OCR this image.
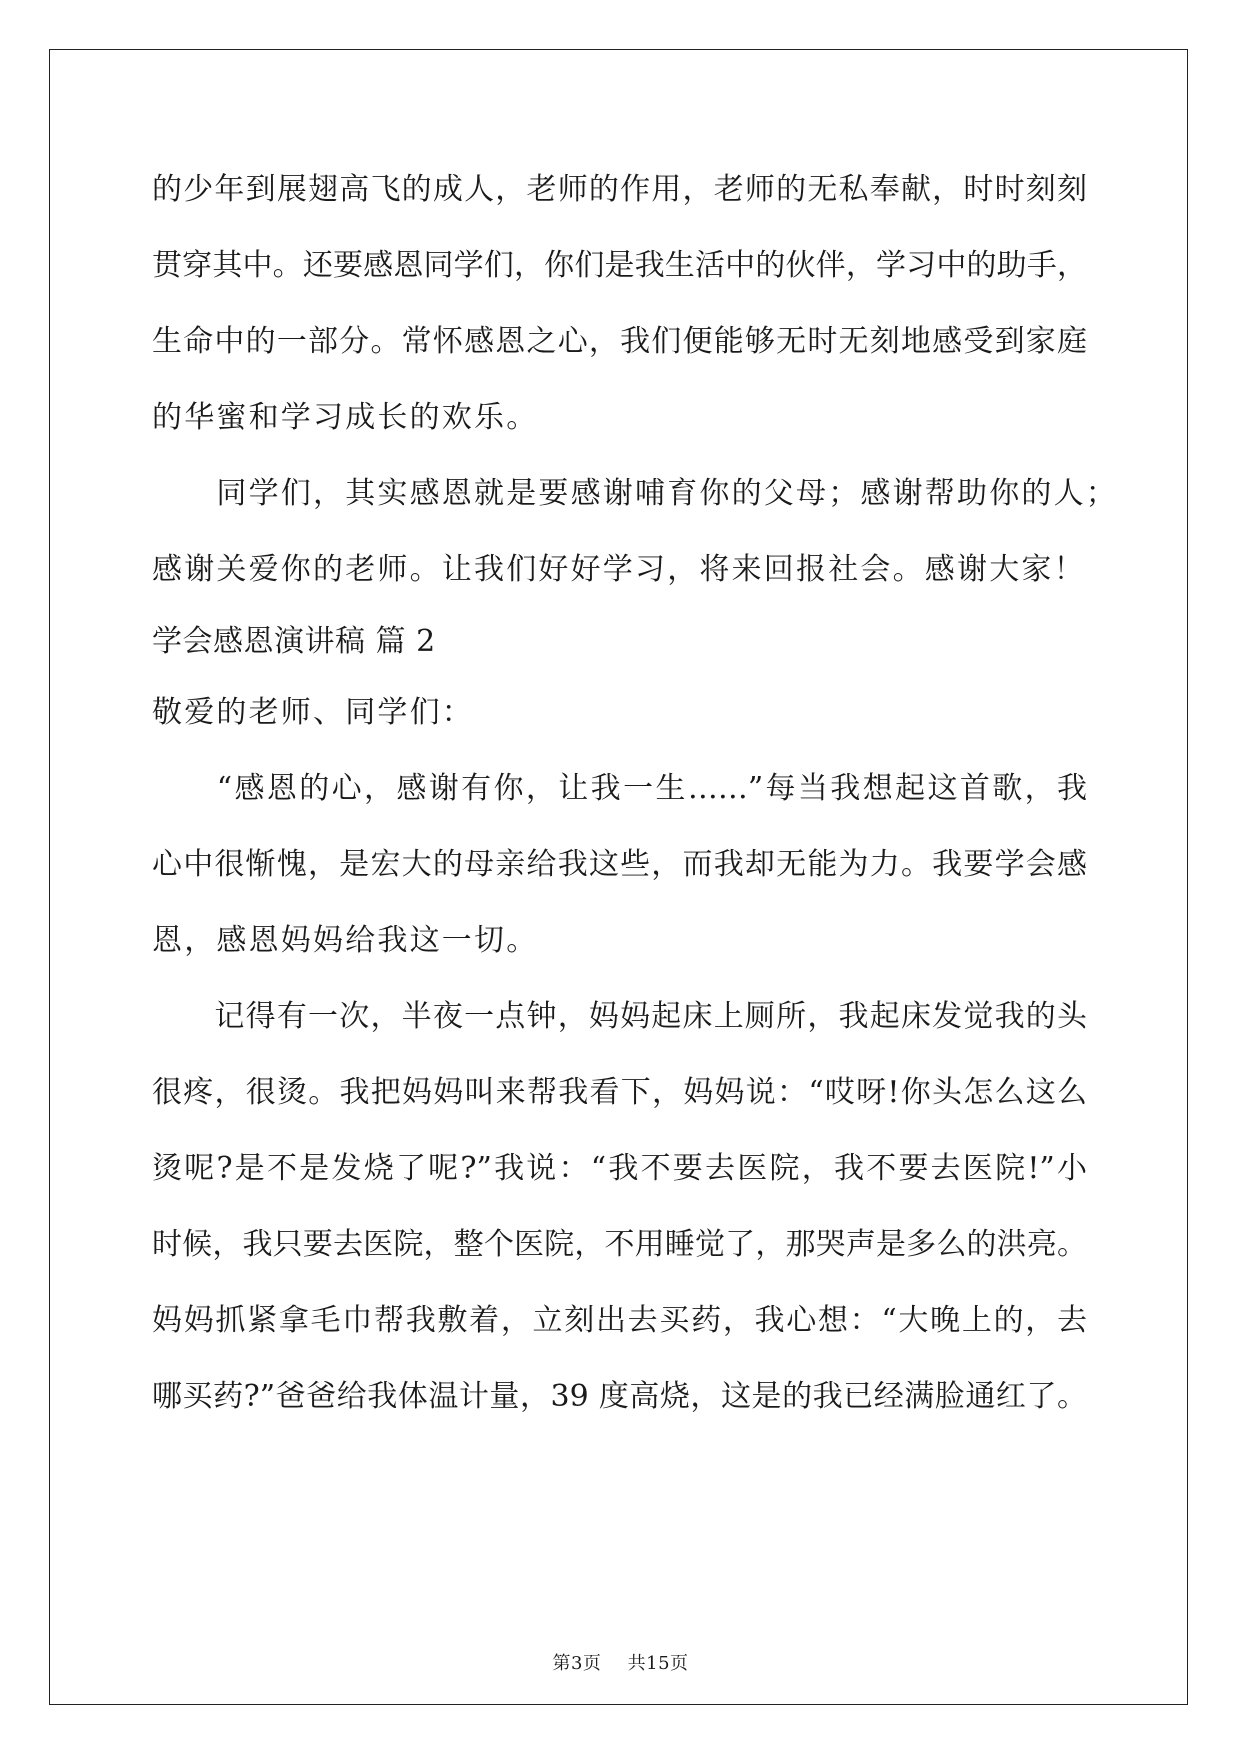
的少年到展翅高飞的成人，老师的作用，老师的无私奉献，时时刻刻
贯穿其中。还要感恩同学们，你们是我生活中的伙伴，学习中的助手，
生命中的一部分。常怀感恩之心，我们便能够无时无刻地感受到家庭
的华蜜和学习成长的欢乐。
　　同学们，其实感恩就是要感谢哺育你的父母；感谢帮助你的人；
感谢关爱你的老师。让我们好好学习，将来回报社会。感谢大家！
学会感恩演讲稿 篇 2
敬爱的老师、同学们：
　　“感恩的心，感谢有你，让我一生……”每当我想起这首歌，我
心中很惭愧，是宏大的母亲给我这些，而我却无能为力。我要学会感
恩，感恩妈妈给我这一切。
　　记得有一次，半夜一点钟，妈妈起床上厕所，我起床发觉我的头
很疼，很烫。我把妈妈叫来帮我看下，妈妈说：“哎呀!你头怎么这么
烫呢?是不是发烧了呢?”我说：“我不要去医院，我不要去医院!”小
时候，我只要去医院，整个医院，不用睡觉了，那哭声是多么的洪亮。
妈妈抓紧拿毛巾帮我敷着，立刻出去买药，我心想：“大晚上的，去
哪买药?”爸爸给我体温计量，39 度高烧，这是的我已经满脸通红了。
第3页 共15页
